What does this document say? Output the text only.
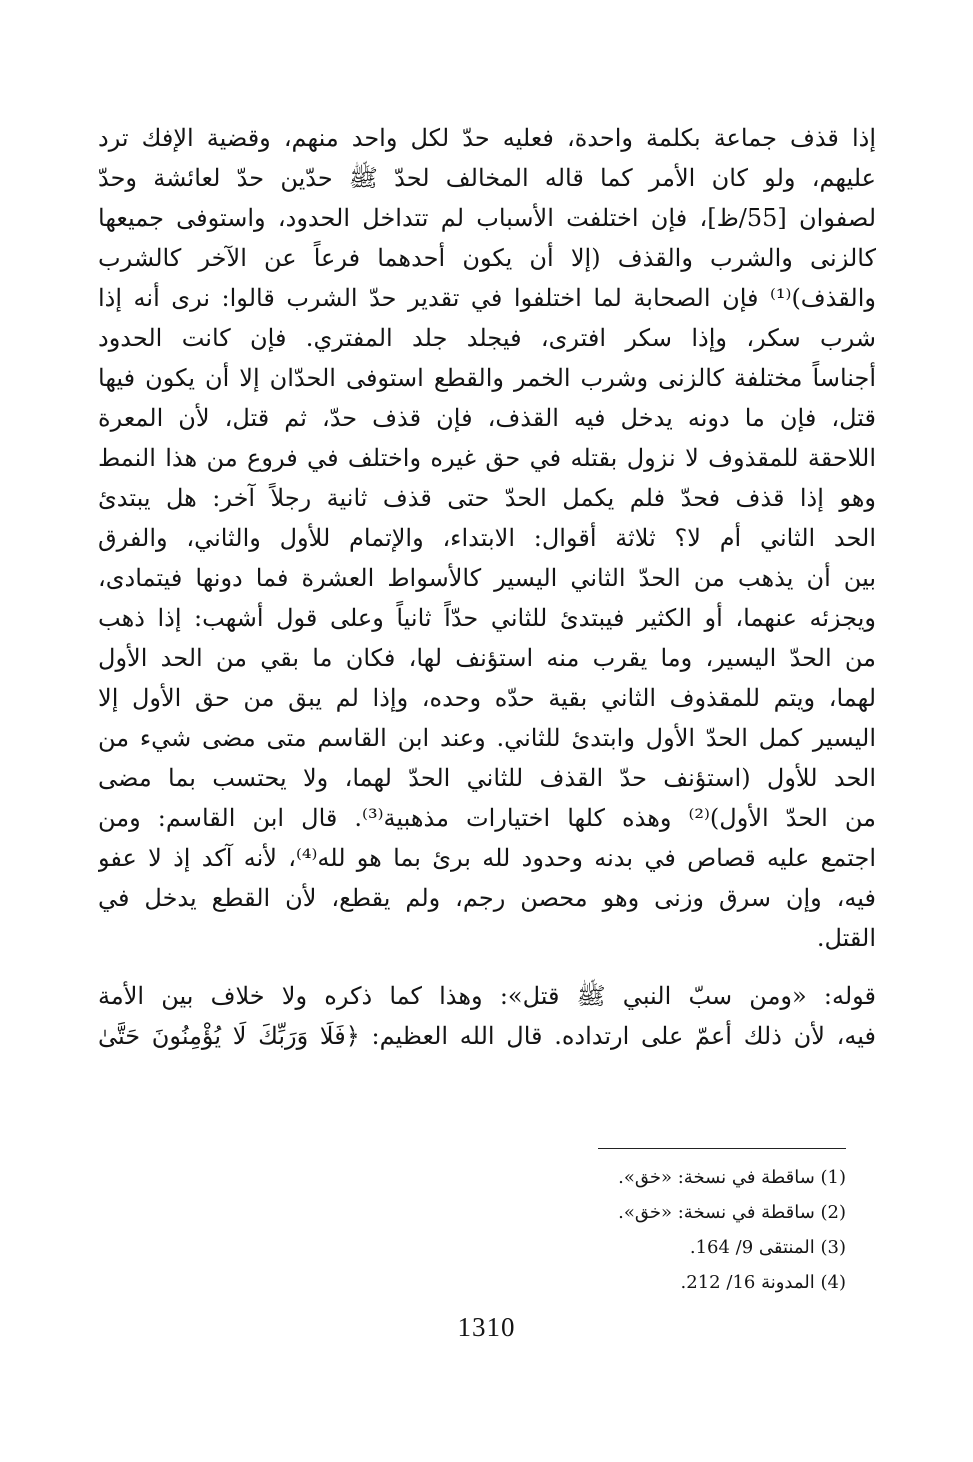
إذا قذف جماعة بكلمة واحدة، فعليه حدّ لكل واحد منهم، وقضية الإفك ترد
عليهم، ولو كان الأمر كما قاله المخالف لحدّ ﷺ حدّين حدّ لعائشة وحدّ
لصفوان [55/ظ]، فإن اختلفت الأسباب لم تتداخل الحدود، واستوفى جميعها
كالزنى والشرب والقذف (إلا أن يكون أحدهما فرعاً عن الآخر كالشرب
والقذف)⁽¹⁾ فإن الصحابة لما اختلفوا في تقدير حدّ الشرب قالوا: نرى أنه إذا
شرب سكر، وإذا سكر افترى، فيجلد جلد المفتري. فإن كانت الحدود
أجناساً مختلفة كالزنى وشرب الخمر والقطع استوفى الحدّان إلا أن يكون فيها
قتل، فإن ما دونه يدخل فيه القذف، فإن قذف حدّ، ثم قتل، لأن المعرة
اللاحقة للمقذوف لا نزول بقتله في حق غيره واختلف في فروع من هذا النمط
وهو إذا قذف فحدّ فلم يكمل الحدّ حتى قذف ثانية رجلاً آخر: هل يبتدئ
الحد الثاني أم لا؟ ثلاثة أقوال: الابتداء، والإتمام للأول والثاني، والفرق
بين أن يذهب من الحدّ الثاني اليسير كالأسواط العشرة فما دونها فيتمادى،
ويجزئه عنهما، أو الكثير فيبتدئ للثاني حدّاً ثانياً وعلى قول أشهب: إذا ذهب
من الحدّ اليسير، وما يقرب منه استؤنف لها، فكان ما بقي من الحد الأول
لهما، ويتم للمقذوف الثاني بقية حدّه وحده، وإذا لم يبق من حق الأول إلا
اليسير كمل الحدّ الأول وابتدئ للثاني. وعند ابن القاسم متى مضى شيء من
الحد للأول (استؤنف حدّ القذف للثاني الحدّ لهما، ولا يحتسب بما مضى
من الحدّ الأول)⁽²⁾ وهذه كلها اختيارات مذهبية⁽³⁾. قال ابن القاسم: ومن
اجتمع عليه قصاص في بدنه وحدود لله برئ بما هو لله⁽⁴⁾، لأنه آكد إذ لا عفو
فيه، وإن سرق وزنى وهو محصن رجم، ولم يقطع، لأن القطع يدخل في
القتل.
قوله: «ومن سبّ النبي ﷺ قتل»: وهذا كما ذكره ولا خلاف بين الأمة
فيه، لأن ذلك أعمّ على ارتداده. قال الله العظيم: ﴿فَلَا وَرَبِّكَ لَا يُؤْمِنُونَ حَتَّىٰ
(1) ساقطة في نسخة: «خق».
(2) ساقطة في نسخة: «خق».
(3) المنتقى 9/ 164.
(4) المدونة 16/ 212.
1310
